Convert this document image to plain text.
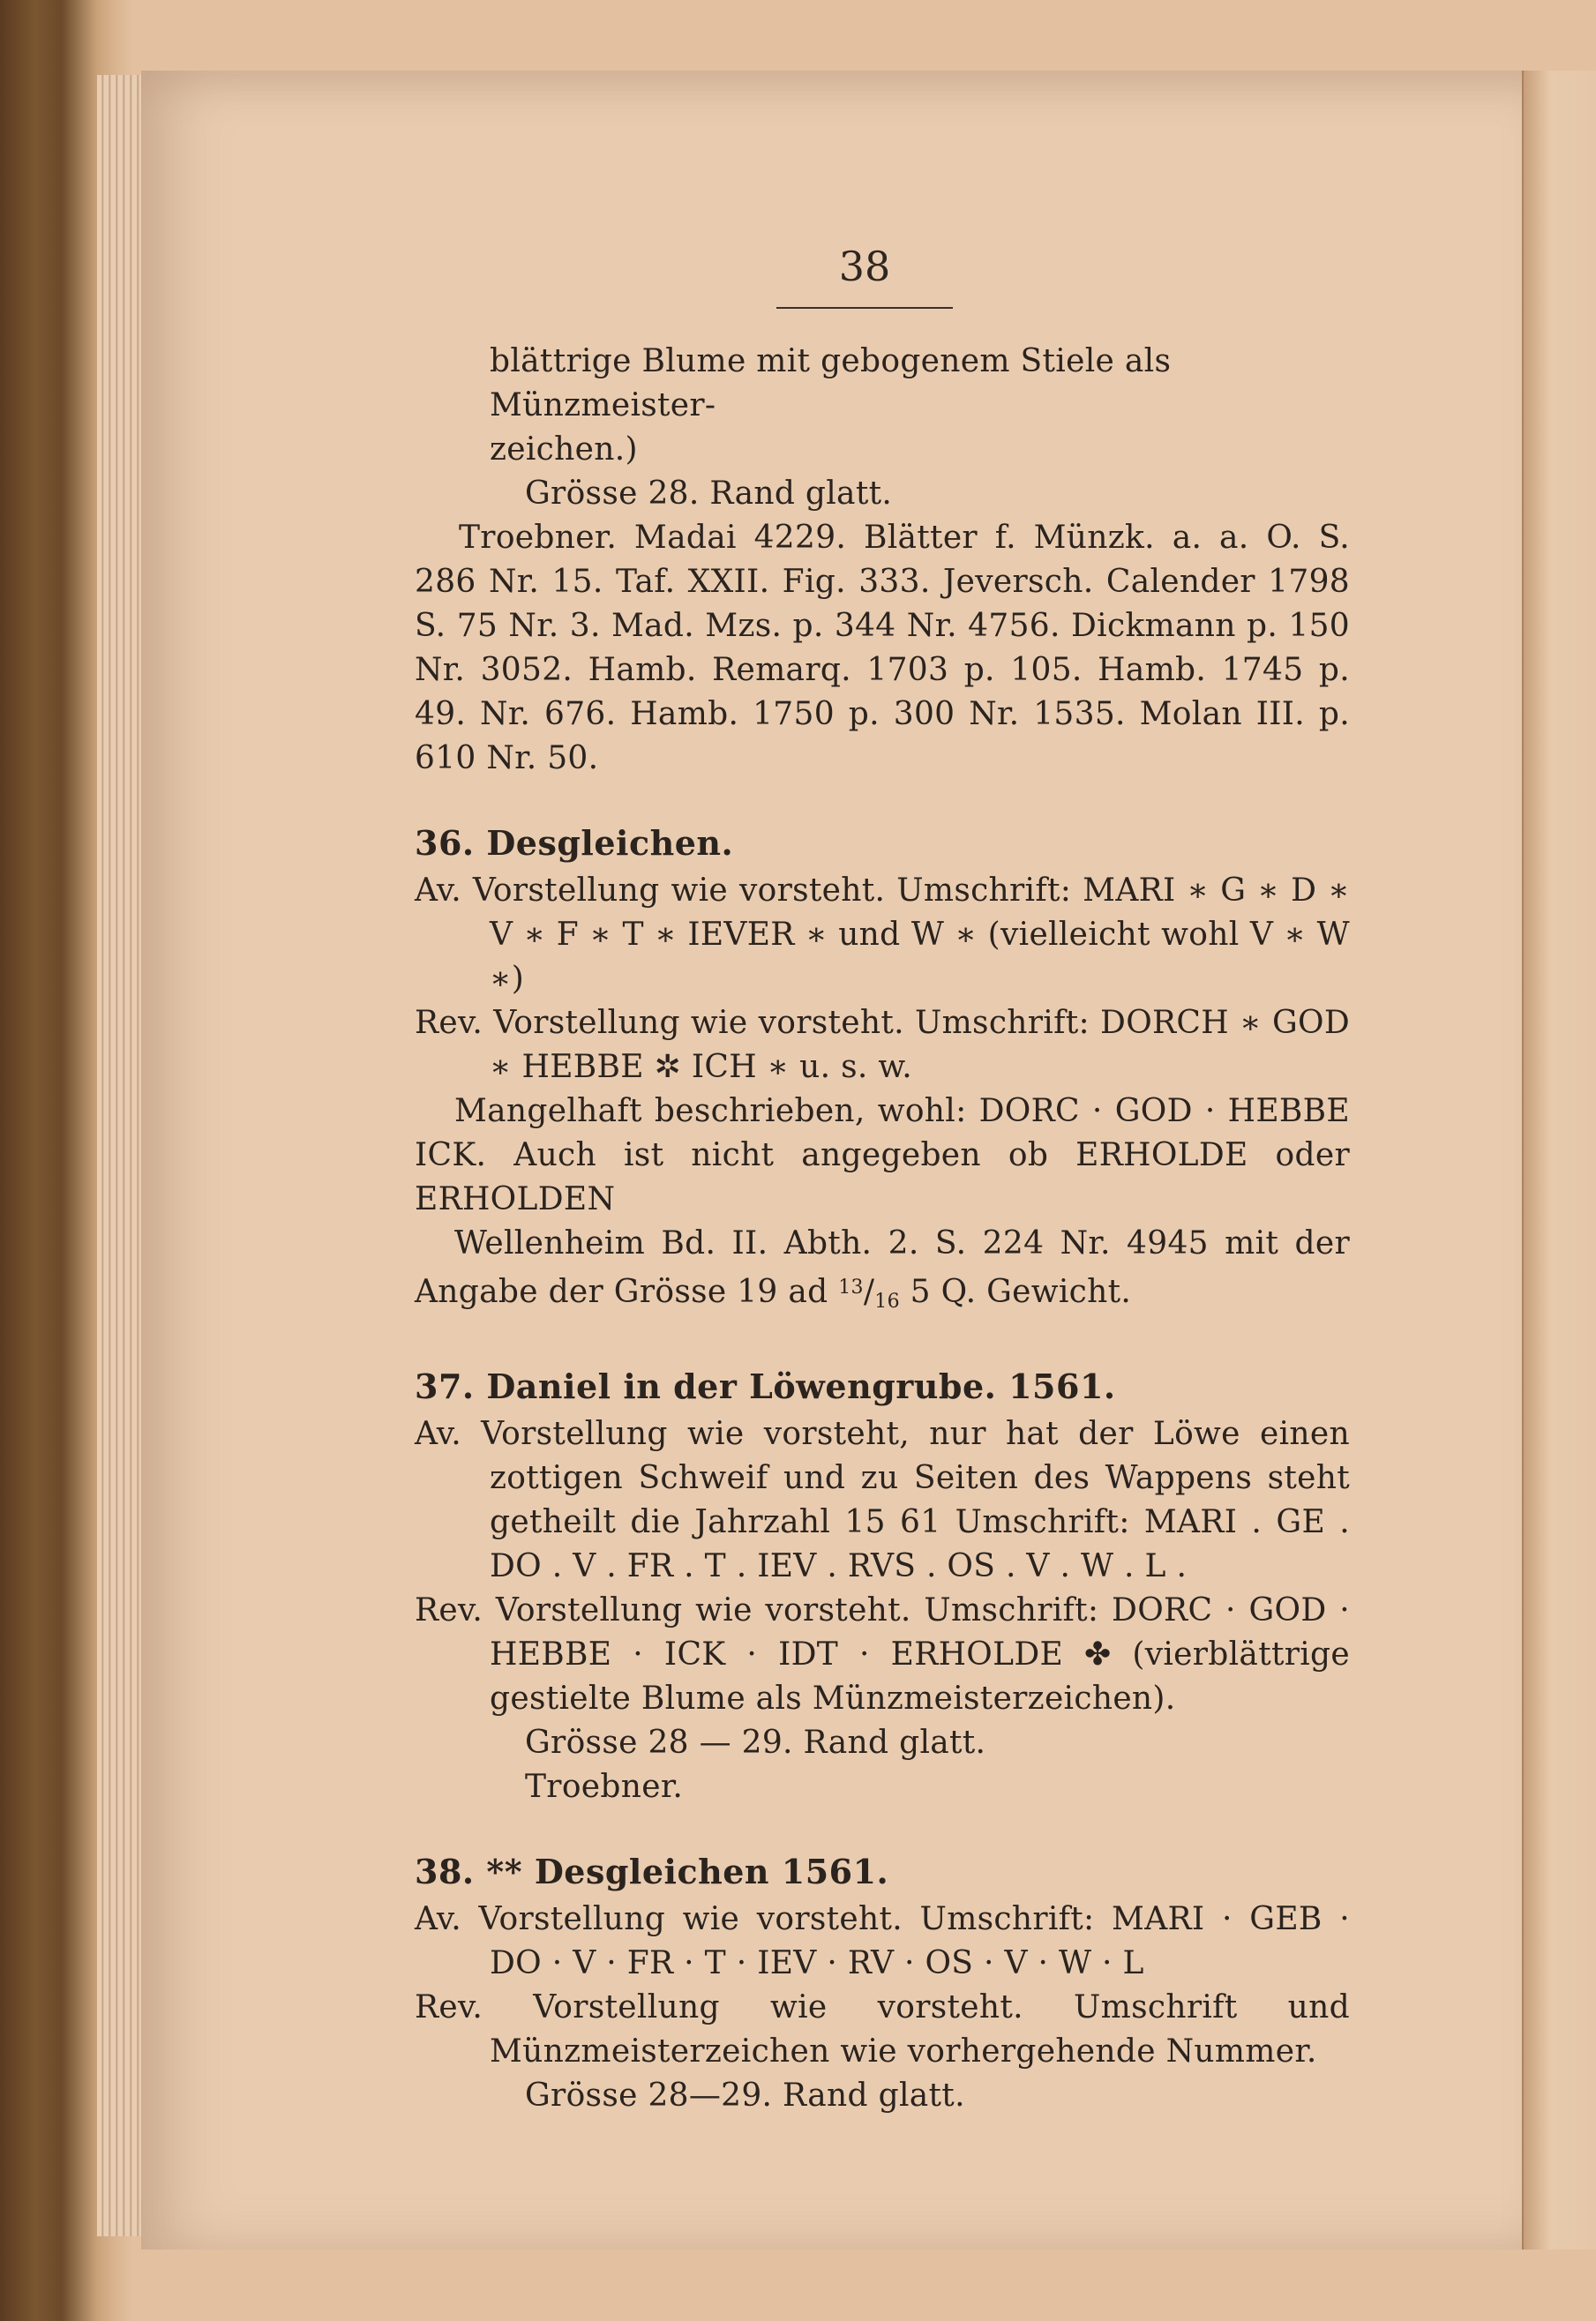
38

blättrige Blume mit gebogenem Stiele als Münzmeister-

zeichen.)

Grösse 28. Rand glatt.

Troebner. Madai 4229. Blätter f. Münzk. a. a. O. S. 286 Nr. 15. Taf. XXII. Fig. 333. Jeversch. Calender 1798 S. 75 Nr. 3. Mad. Mzs. p. 344 Nr. 4756. Dickmann p. 150 Nr. 3052. Hamb. Remarq. 1703 p. 105. Hamb. 1745 p. 49. Nr. 676. Hamb. 1750 p. 300 Nr. 1535. Molan III. p. 610 Nr. 50.

36. Desgleichen.

Av. Vorstellung wie vorsteht. Umschrift: MARI ∗ G ∗ D ∗ V ∗ F ∗ T ∗ IEVER ∗ und W ∗ (vielleicht wohl V ∗ W ∗)

Rev. Vorstellung wie vorsteht. Umschrift: DORCH ∗ GOD ∗ HEBBE ✲ ICH ∗ u. s. w.

Mangelhaft beschrieben, wohl: DORC · GOD · HEBBE ICK. Auch ist nicht angegeben ob ERHOLDE oder ERHOLDEN

Wellenheim Bd. II. Abth. 2. S. 224 Nr. 4945 mit der Angabe der Grösse 19 ad $^{13}$/16 5 Q. Gewicht.

37. Daniel in der Löwengrube. 1561.

Av. Vorstellung wie vorsteht, nur hat der Löwe einen zottigen Schweif und zu Seiten des Wappens steht getheilt die Jahrzahl 15 61 Umschrift: MARI . GE . DO . V . FR . T . IEV . RVS . OS . V . W . L .

Rev. Vorstellung wie vorsteht. Umschrift: DORC · GOD · HEBBE · ICK · IDT · ERHOLDE ✤ (vierblättrige gestielte Blume als Münzmeisterzeichen).

Grösse 28 — 29. Rand glatt.

Troebner.

38. ** Desgleichen 1561.

Av. Vorstellung wie vorsteht. Umschrift: MARI · GEB · DO · V · FR · T · IEV · RV · OS · V · W · L

Rev. Vorstellung wie vorsteht. Umschrift und Münzmeisterzeichen wie vorhergehende Nummer.

Grösse 28—29. Rand glatt.
